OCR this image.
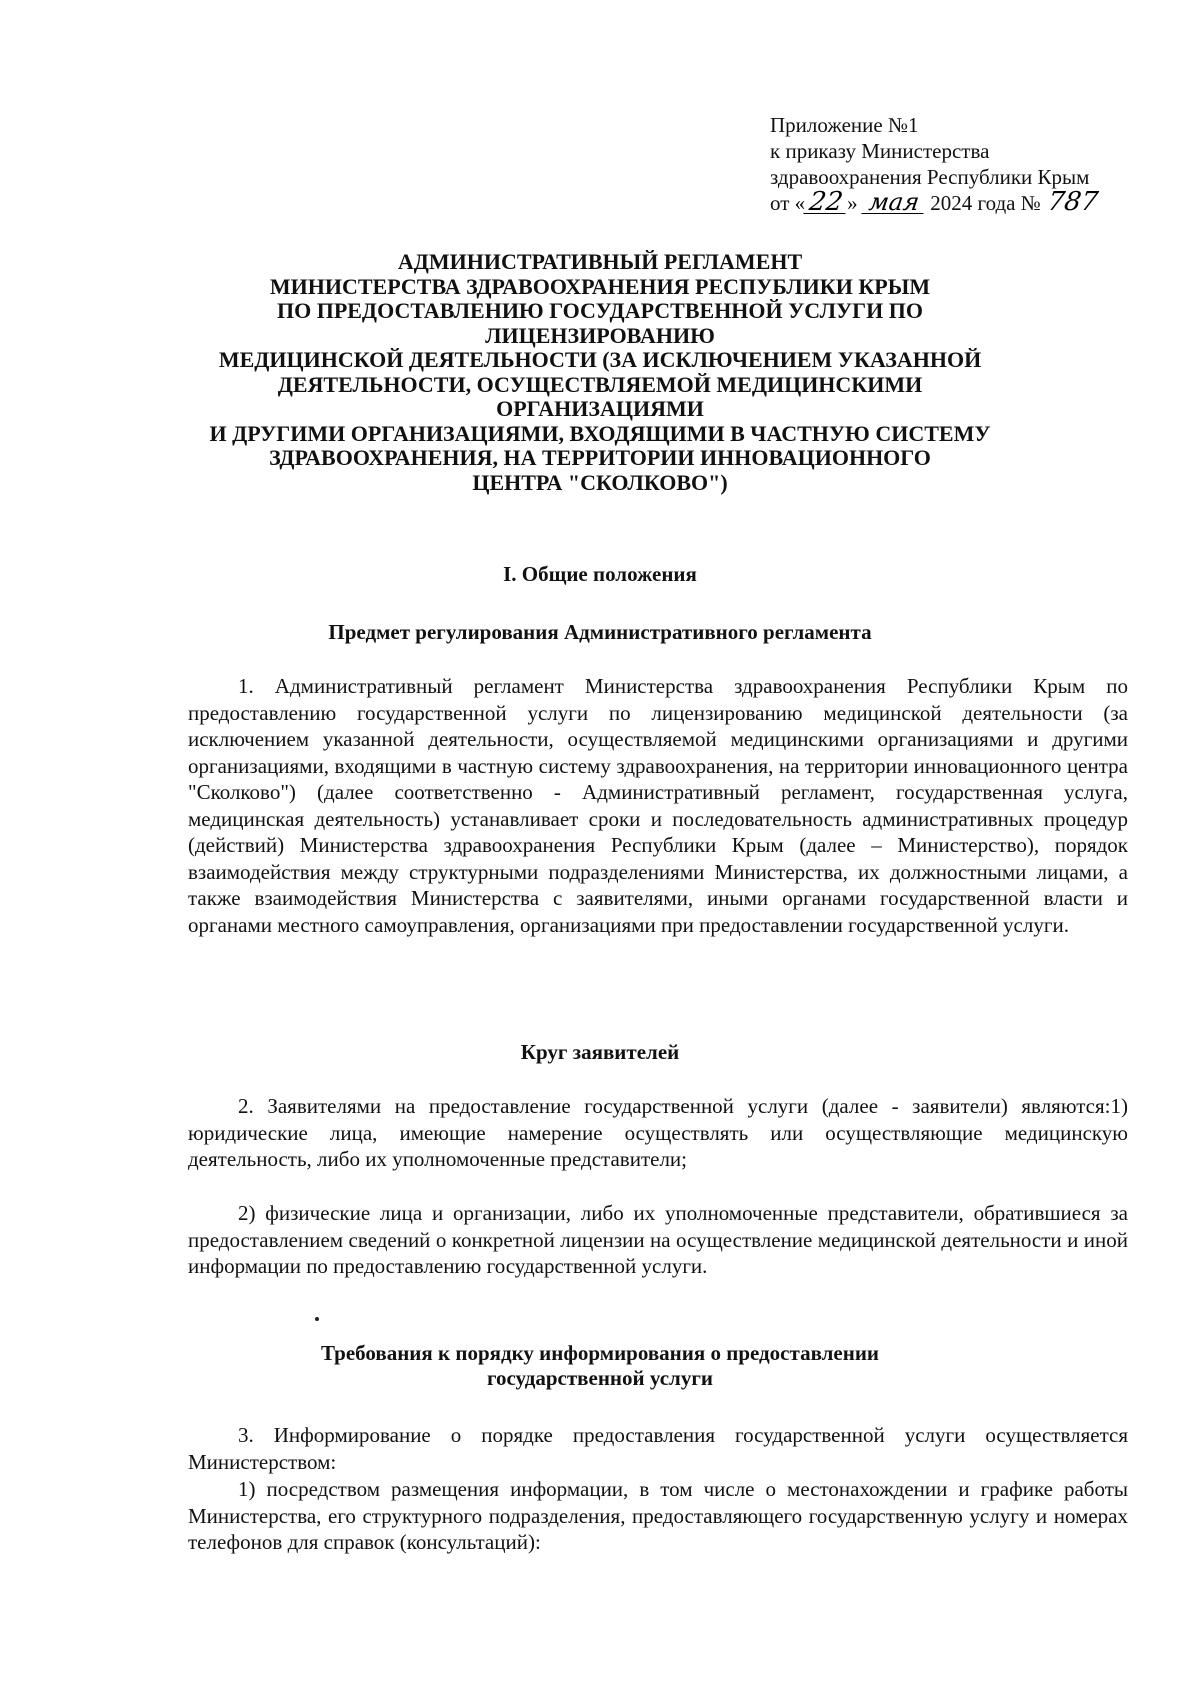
Приложение №1
к приказу Министерства
здравоохранения Республики Крым
от «22 » мая 2024 года № 787
АДМИНИСТРАТИВНЫЙ РЕГЛАМЕНТ
МИНИСТЕРСТВА ЗДРАВООХРАНЕНИЯ РЕСПУБЛИКИ КРЫМ
ПО ПРЕДОСТАВЛЕНИЮ ГОСУДАРСТВЕННОЙ УСЛУГИ ПО
ЛИЦЕНЗИРОВАНИЮ
МЕДИЦИНСКОЙ ДЕЯТЕЛЬНОСТИ (ЗА ИСКЛЮЧЕНИЕМ УКАЗАННОЙ
ДЕЯТЕЛЬНОСТИ, ОСУЩЕСТВЛЯЕМОЙ МЕДИЦИНСКИМИ
ОРГАНИЗАЦИЯМИ
И ДРУГИМИ ОРГАНИЗАЦИЯМИ, ВХОДЯЩИМИ В ЧАСТНУЮ СИСТЕМУ
ЗДРАВООХРАНЕНИЯ, НА ТЕРРИТОРИИ ИННОВАЦИОННОГО
ЦЕНТРА "СКОЛКОВО")
I. Общие положения
Предмет регулирования Административного регламента
1. Административный регламент Министерства здравоохранения Республики Крым по предоставлению государственной услуги по лицензированию медицинской деятельности (за исключением указанной деятельности, осуществляемой медицинскими организациями и другими организациями, входящими в частную систему здравоохранения, на территории инновационного центра "Сколково") (далее соответственно - Административный регламент, государственная услуга, медицинская деятельность) устанавливает сроки и последовательность административных процедур (действий) Министерства здравоохранения Республики Крым (далее – Министерство), порядок взаимодействия между структурными подразделениями Министерства, их должностными лицами, а также взаимодействия Министерства с заявителями, иными органами государственной власти и органами местного самоуправления, организациями при предоставлении государственной услуги.
Круг заявителей
2. Заявителями на предоставление государственной услуги (далее - заявители) являются:1) юридические лица, имеющие намерение осуществлять или осуществляющие медицинскую деятельность, либо их уполномоченные представители;
2) физические лица и организации, либо их уполномоченные представители, обратившиеся за предоставлением сведений о конкретной лицензии на осуществление медицинской деятельности и иной информации по предоставлению государственной услуги.
Требования к порядку информирования о предоставлении
государственной услуги
3. Информирование о порядке предоставления государственной услуги осуществляется Министерством:
1) посредством размещения информации, в том числе о местонахождении и графике работы Министерства, его структурного подразделения, предоставляющего государственную услугу и номерах телефонов для справок (консультаций):
